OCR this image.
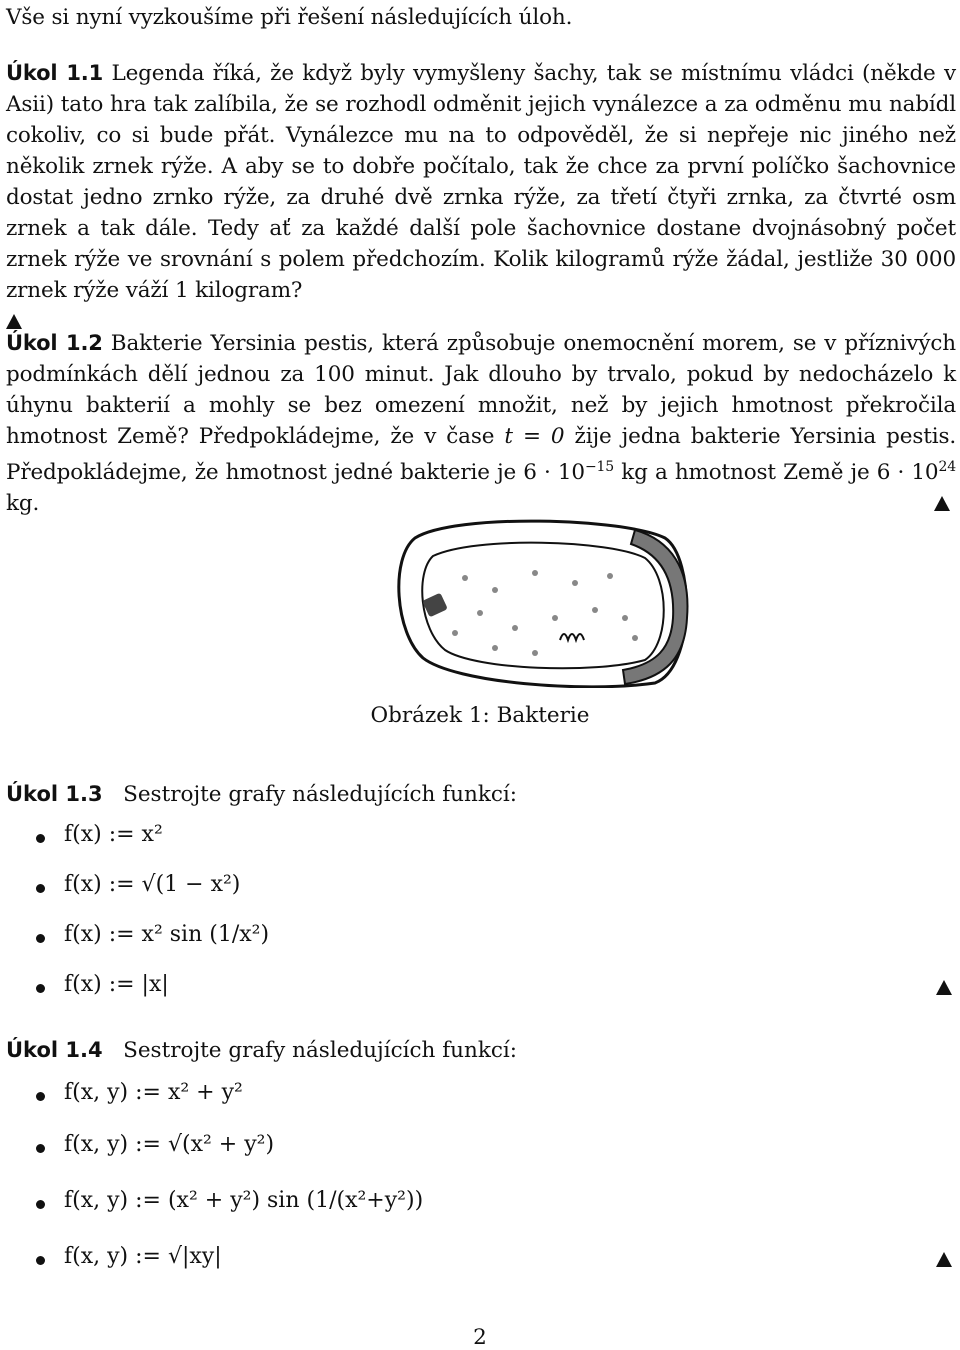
Vše si nyní vyzkoušíme při řešení následujících úloh.
Úkol 1.1 Legenda říká, že když byly vymyšleny šachy, tak se místnímu vládci (někde v Asii) tato hra tak zalíbila, že se rozhodl odměnit jejich vynálezce a za odměnu mu nabídl cokoliv, co si bude přát. Vynálezce mu na to odpověděl, že si nepřeje nic jiného než několik zrnek rýže. A aby se to dobře počítalo, tak že chce za první políčko šachovnice dostat jedno zrnko rýže, za druhé dvě zrnka rýže, za třetí čtyři zrnka, za čtvrté osm zrnek a tak dále. Tedy ať za každé další pole šachovnice dostane dvojnásobný počet zrnek rýže ve srovnání s polem předchozím. Kolik kilogramů rýže žádal, jestliže 30 000 zrnek rýže váží 1 kilogram?

Úkol 1.2 Bakterie Yersinia pestis, která způsobuje onemocnění morem, se v příznivých podmínkách dělí jednou za 100 minut. Jak dlouho by trvalo, pokud by nedocházelo k úhynu bakterií a mohly se bez omezení množit, než by jejich hmotnost překročila hmotnost Země? Předpokládejme, že v čase t = 0 žije jedna bakterie Yersinia pestis. Předpokládejme, že hmotnost jedné bakterie je $6 \cdot 10^{-15}$ kg a hmotnost Země je $6 \cdot 10^{24}$ kg.
Obrázek 1: Bakterie
Úkol 1.3 Sestrojte grafy následujících funkcí:
f(x) := x²
f(x) := √(1 − x²)
f(x) := x² sin (1/x²)
f(x) := |x|
Úkol 1.4 Sestrojte grafy následujících funkcí:
f(x, y) := x² + y²
f(x, y) := √(x² + y²)
f(x, y) := (x² + y²) sin (1/(x²+y²))
f(x, y) := √|xy|
2
